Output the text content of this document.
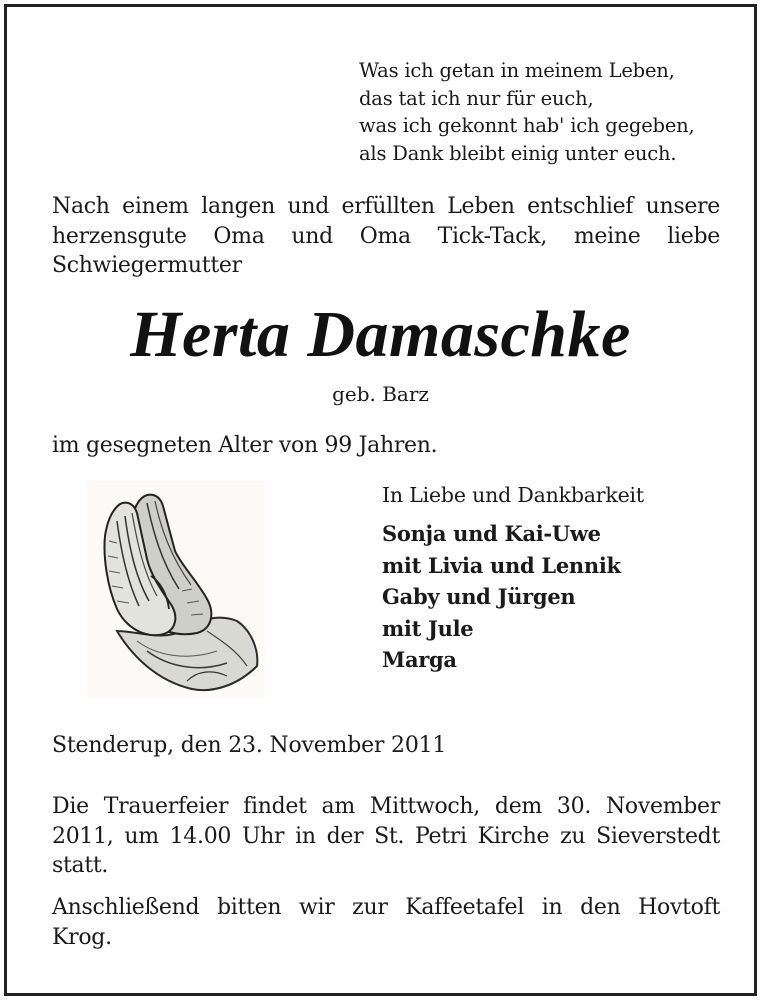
Was ich getan in meinem Leben,
das tat ich nur für euch,
was ich gekonnt hab' ich gegeben,
als Dank bleibt einig unter euch.
Nach einem langen und erfüllten Leben entschlief unsere
herzensgute Oma und Oma Tick-Tack, meine liebe
Schwiegermutter
Herta Damaschke
geb. Barz
im gesegneten Alter von 99 Jahren.
In Liebe und Dankbarkeit
Sonja und Kai-Uwe
mit Livia und Lennik
Gaby und Jürgen
mit Jule
Marga
Stenderup, den 23. November 2011
Die Trauerfeier findet am Mittwoch, dem 30. November
2011, um 14.00 Uhr in der St. Petri Kirche zu Sieverstedt
statt.
Anschließend bitten wir zur Kaffeetafel in den Hovtoft
Krog.
